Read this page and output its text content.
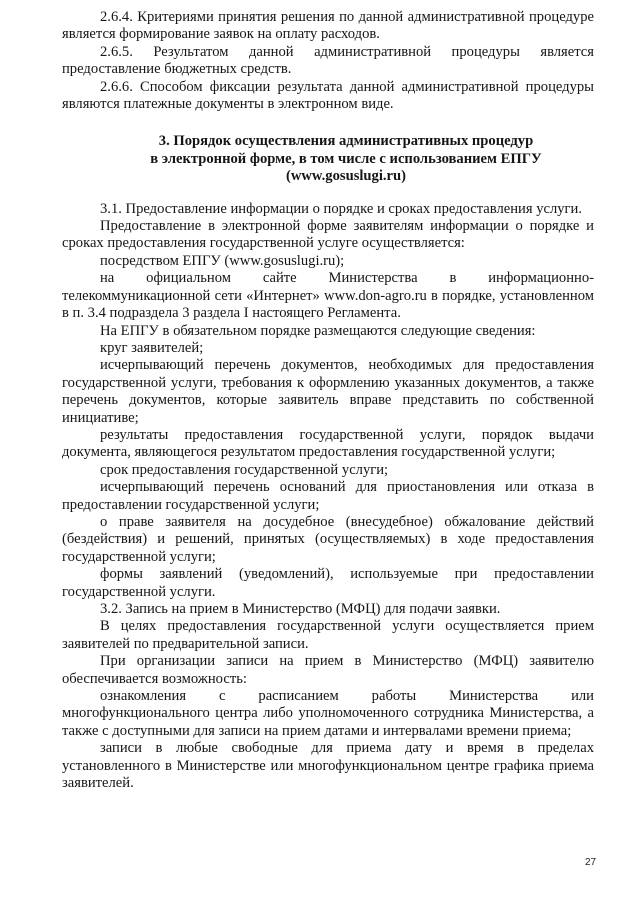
2.6.4. Критериями принятия решения по данной административной процедуре является формирование заявок на оплату расходов.

2.6.5. Результатом данной административной процедуры является предоставление бюджетных средств.

2.6.6. Способом фиксации результата данной административной процедуры являются платежные документы в электронном виде.

3. Порядок осуществления административных процедур

в электронной форме, в том числе с использованием ЕПГУ

(www.gosuslugi.ru)

3.1. Предоставление информации о порядке и сроках предоставления услуги.

Предоставление в электронной форме заявителям информации о порядке и сроках предоставления государственной услуге осуществляется:

посредством ЕПГУ (www.gosuslugi.ru);

на официальном сайте Министерства в информационно-телекоммуникационной сети «Интернет» www.don-agro.ru в порядке, установленном в п. 3.4 подраздела 3 раздела I настоящего Регламента.

На ЕПГУ в обязательном порядке размещаются следующие сведения:

круг заявителей;

исчерпывающий перечень документов, необходимых для предоставления государственной услуги, требования к оформлению указанных документов, а также перечень документов, которые заявитель вправе представить по собственной инициативе;

результаты предоставления государственной услуги, порядок выдачи документа, являющегося результатом предоставления государственной услуги;

срок предоставления государственной услуги;

исчерпывающий перечень оснований для приостановления или отказа в предоставлении государственной услуги;

о праве заявителя на досудебное (внесудебное) обжалование действий (бездействия) и решений, принятых (осуществляемых) в ходе предоставления государственной услуги;

формы заявлений (уведомлений), используемые при предоставлении государственной услуги.

3.2. Запись на прием в Министерство (МФЦ) для подачи заявки.

В целях предоставления государственной услуги осуществляется прием заявителей по предварительной записи.

При организации записи на прием в Министерство (МФЦ) заявителю обеспечивается возможность:

ознакомления с расписанием работы Министерства или многофункционального центра либо уполномоченного сотрудника Министерства, а также с доступными для записи на прием датами и интервалами времени приема;

записи в любые свободные для приема дату и время в пределах установленного в Министерстве или многофункциональном центре графика приема заявителей.

27
